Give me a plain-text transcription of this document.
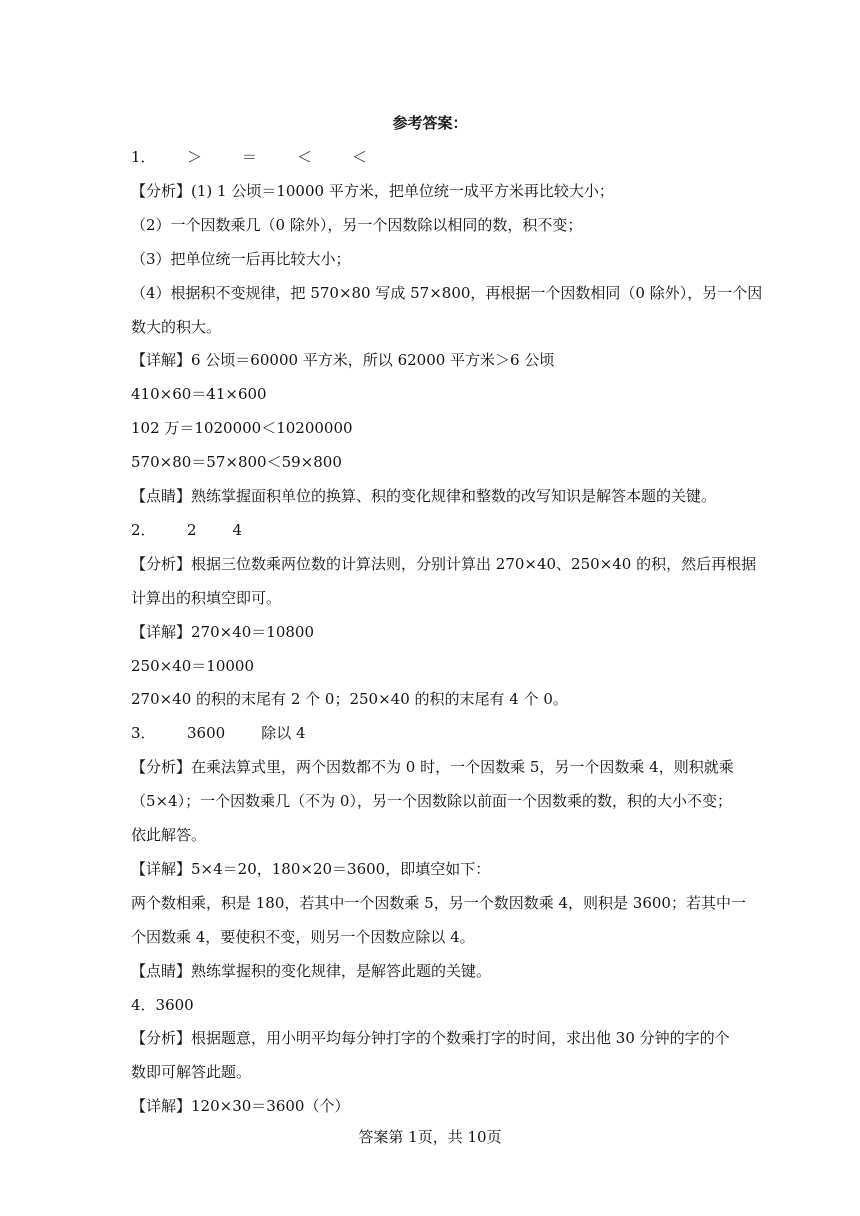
参考答案：
1． ＞	＝	＜	＜
【分析】(1) 1 公顷＝10000 平方米，把单位统一成平方米再比较大小；
（2）一个因数乘几（0 除外），另一个因数除以相同的数，积不变；
（3）把单位统一后再比较大小；
（4）根据积不变规律，把 570×80 写成 57×800，再根据一个因数相同（0 除外），另一个因
数大的积大。
【详解】6 公顷＝60000 平方米，所以 62000 平方米＞6 公顷
410×60＝41×600
102 万＝1020000＜10200000
570×80＝57×800＜59×800
【点睛】熟练掌握面积单位的换算、积的变化规律和整数的改写知识是解答本题的关键。
2． 2 4
【分析】根据三位数乘两位数的计算法则，分别计算出 270×40、250×40 的积，然后再根据
计算出的积填空即可。
【详解】270×40＝10800
250×40＝10000
270×40 的积的末尾有 2 个 0；250×40 的积的末尾有 4 个 0。
3． 3600 除以 4
【分析】在乘法算式里，两个因数都不为 0 时，一个因数乘 5，另一个因数乘 4，则积就乘
（5×4）；一个因数乘几（不为 0），另一个因数除以前面一个因数乘的数，积的大小不变；
依此解答。
【详解】5×4＝20，180×20＝3600，即填空如下：
两个数相乘，积是 180，若其中一个因数乘 5，另一个数因数乘 4，则积是 3600；若其中一
个因数乘 4，要使积不变，则另一个因数应除以 4。
【点睛】熟练掌握积的变化规律，是解答此题的关键。
4．3600
【分析】根据题意，用小明平均每分钟打字的个数乘打字的时间，求出他 30 分钟的字的个
数即可解答此题。
【详解】120×30＝3600（个）
答案第 1页，共 10页
